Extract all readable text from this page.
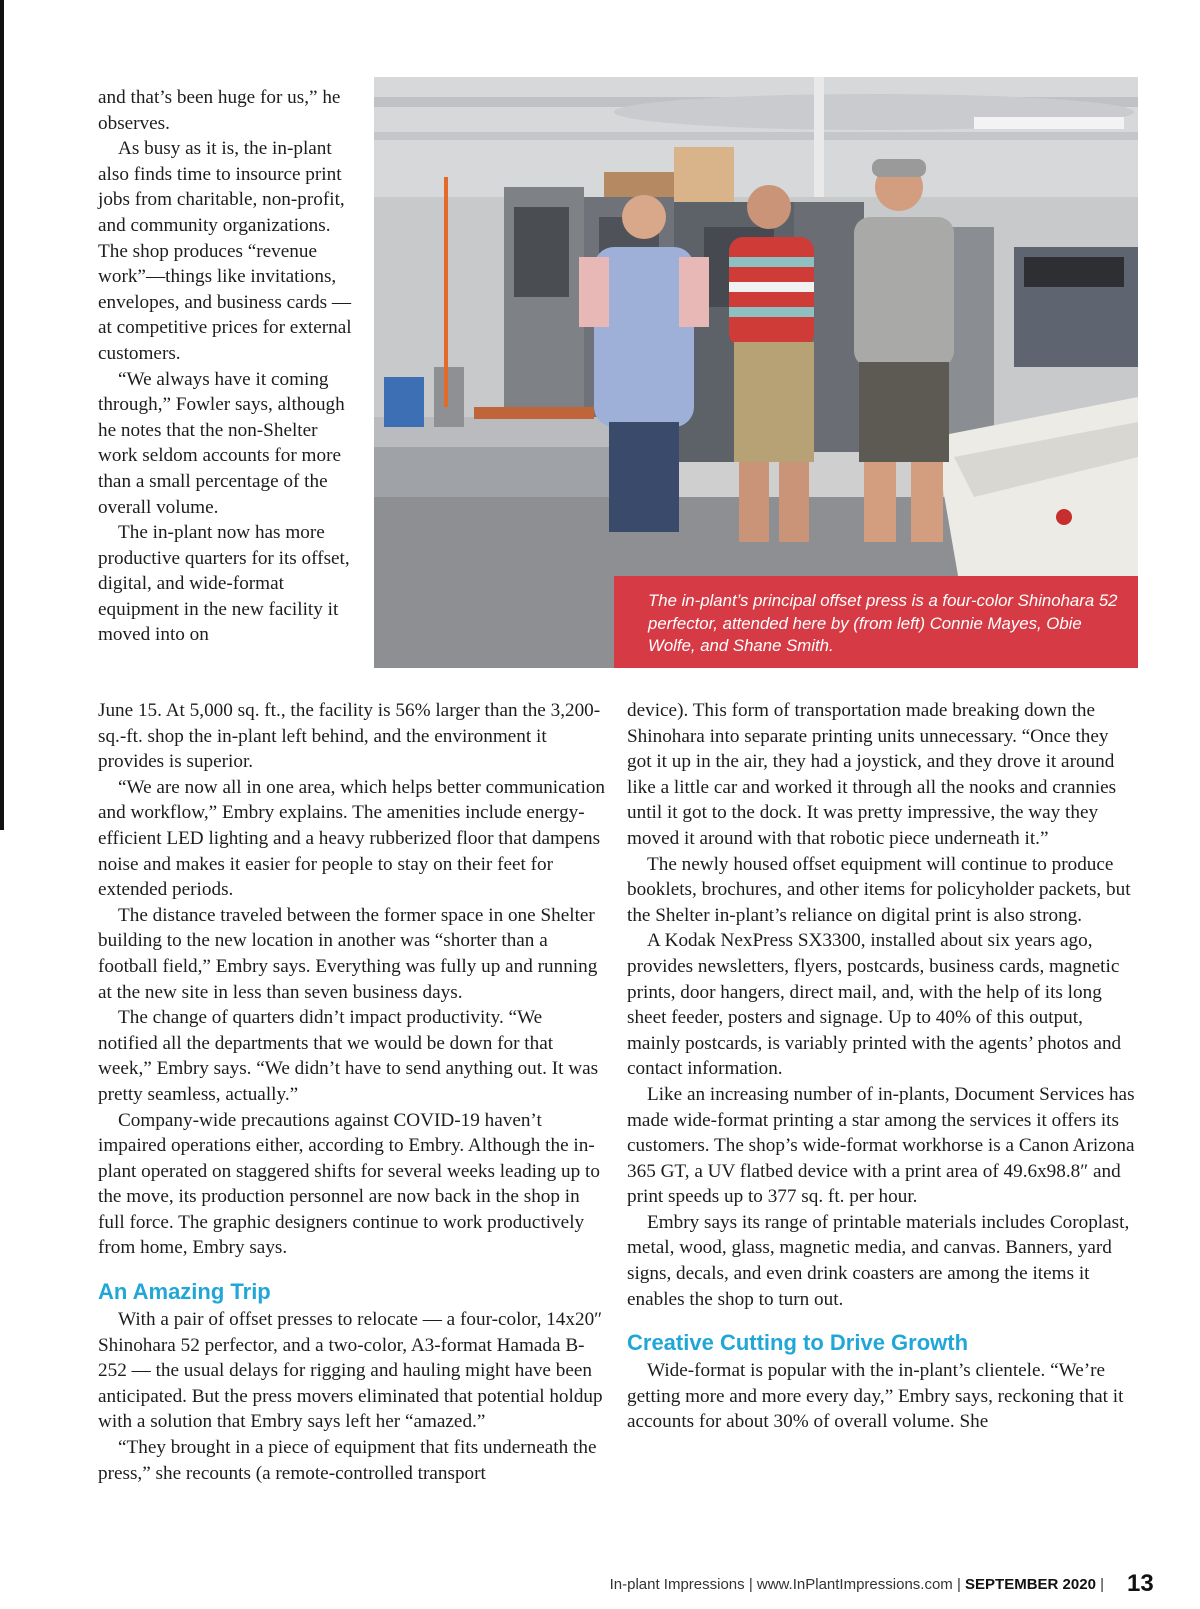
and that’s been huge for us,” he observes.

As busy as it is, the in-plant also finds time to insource print jobs from charitable, non-profit, and community organizations. The shop produces “revenue work”—things like invitations, envelopes, and business cards — at competitive prices for external customers.

“We always have it coming through,” Fowler says, although he notes that the non-Shelter work seldom accounts for more than a small percentage of the overall volume.

The in-plant now has more productive quarters for its offset, digital, and wide-format equipment in the new facility it moved into on

The in-plant’s principal offset press is a four-color Shinohara 52 perfector, attended here by (from left) Connie Mayes, Obie Wolfe, and Shane Smith.

June 15. At 5,000 sq. ft., the facility is 56% larger than the 3,200-sq.-ft. shop the in-plant left behind, and the environment it provides is superior.

“We are now all in one area, which helps better communication and workflow,” Embry explains. The amenities include energy-efficient LED lighting and a heavy rubberized floor that dampens noise and makes it easier for people to stay on their feet for extended periods.

The distance traveled between the former space in one Shelter building to the new location in another was “shorter than a football field,” Embry says. Everything was fully up and running at the new site in less than seven business days.

The change of quarters didn’t impact productivity. “We notified all the departments that we would be down for that week,” Embry says. “We didn’t have to send anything out. It was pretty seamless, actually.”

Company-wide precautions against COVID-19 haven’t impaired operations either, according to Embry. Although the in-plant operated on staggered shifts for several weeks leading up to the move, its production personnel are now back in the shop in full force. The graphic designers continue to work productively from home, Embry says.

An Amazing Trip

With a pair of offset presses to relocate — a four-color, 14x20″ Shinohara 52 perfector, and a two-color, A3-format Hamada B-252 — the usual delays for rigging and hauling might have been anticipated. But the press movers eliminated that potential holdup with a solution that Embry says left her “amazed.”

“They brought in a piece of equipment that fits underneath the press,” she recounts (a remote-controlled transport

device). This form of transportation made breaking down the Shinohara into separate printing units unnecessary. “Once they got it up in the air, they had a joystick, and they drove it around like a little car and worked it through all the nooks and crannies until it got to the dock. It was pretty impressive, the way they moved it around with that robotic piece underneath it.”

The newly housed offset equipment will continue to produce booklets, brochures, and other items for policyholder packets, but the Shelter in-plant’s reliance on digital print is also strong.

A Kodak NexPress SX3300, installed about six years ago, provides newsletters, flyers, postcards, business cards, magnetic prints, door hangers, direct mail, and, with the help of its long sheet feeder, posters and signage. Up to 40% of this output, mainly postcards, is variably printed with the agents’ photos and contact information.

Like an increasing number of in-plants, Document Services has made wide-format printing a star among the services it offers its customers. The shop’s wide-format workhorse is a Canon Arizona 365 GT, a UV flatbed device with a print area of 49.6x98.8″ and print speeds up to 377 sq. ft. per hour.

Embry says its range of printable materials includes Coroplast, metal, wood, glass, magnetic media, and canvas. Banners, yard signs, decals, and even drink coasters are among the items it enables the shop to turn out.

Creative Cutting to Drive Growth

Wide-format is popular with the in-plant’s clientele. “We’re getting more and more every day,” Embry says, reckoning that it accounts for about 30% of overall volume. She

In-plant Impressions | www.InPlantImpressions.com | SEPTEMBER 2020 | 13
